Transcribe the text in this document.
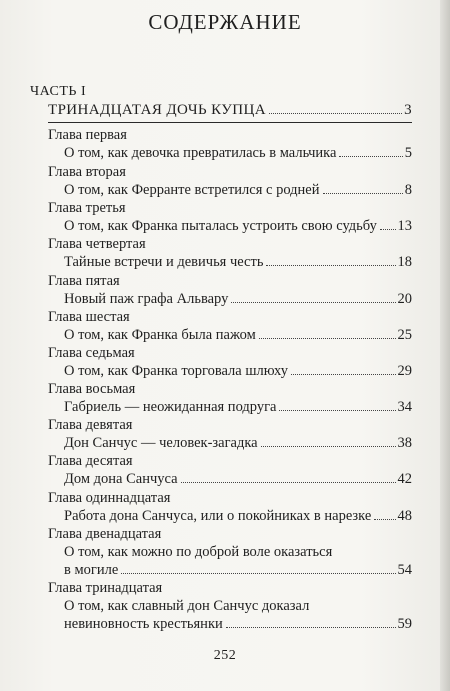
СОДЕРЖАНИЕ
ЧАСТЬ I
ТРИНАДЦАТАЯ ДОЧЬ КУПЦА	3
Глава первая
О том, как девочка превратилась в мальчика	5
Глава вторая
О том, как Ферранте встретился с родней	8
Глава третья
О том, как Франка пыталась устроить свою судьбу 13
Глава четвертая
Тайные встречи и девичья честь	18
Глава пятая
Новый паж графа Альвару	20
Глава шестая
О том, как Франка была пажом	25
Глава седьмая
О том, как Франка торговала шлюху	29
Глава восьмая
Габриель — неожиданная подруга	34
Глава девятая
Дон Санчус — человек-загадка	38
Глава десятая
Дом дона Санчуса	42
Глава одиннадцатая
Работа дона Санчуса, или о покойниках в нарезке 48
Глава двенадцатая
О том, как можно по доброй воле оказаться
в могиле	54
Глава тринадцатая
О том, как славный дон Санчус доказал
невиновность крестьянки	59
252
